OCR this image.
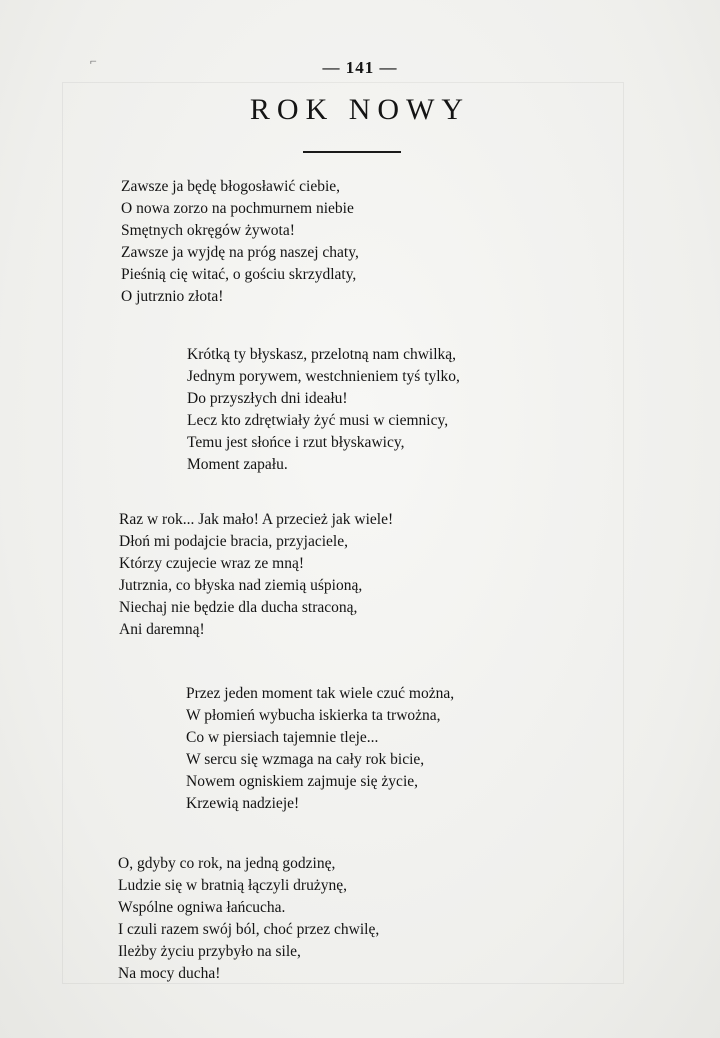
— 141 —
ROK NOWY
Zawsze ja będę błogosławić ciebie,
O nowa zorzo na pochmurnem niebie
Smętnych okręgów żywota!
Zawsze ja wyjdę na próg naszej chaty,
Pieśnią cię witać, o gościu skrzydlaty,
O jutrznio złota!
Krótką ty błyskasz, przelotną nam chwilką,
Jednym porywem, westchnieniem tyś tylko,
Do przyszłych dni ideału!
Lecz kto zdrętwiały żyć musi w ciemnicy,
Temu jest słońce i rzut błyskawicy,
Moment zapału.
Raz w rok... Jak mało! A przecież jak wiele!
Dłoń mi podajcie bracia, przyjaciele,
Którzy czujecie wraz ze mną!
Jutrznia, co błyska nad ziemią uśpioną,
Niechaj nie będzie dla ducha straconą,
Ani daremną!
Przez jeden moment tak wiele czuć można,
W płomień wybucha iskierka ta trwożna,
Co w piersiach tajemnie tleje...
W sercu się wzmaga na cały rok bicie,
Nowem ogniskiem zajmuje się życie,
Krzewią nadzieje!
O, gdyby co rok, na jedną godzinę,
Ludzie się w bratnią łączyli drużynę,
Wspólne ogniwa łańcucha.
I czuli razem swój ból, choć przez chwilę,
Ileżby życiu przybyło na sile,
Na mocy ducha!
⌐
